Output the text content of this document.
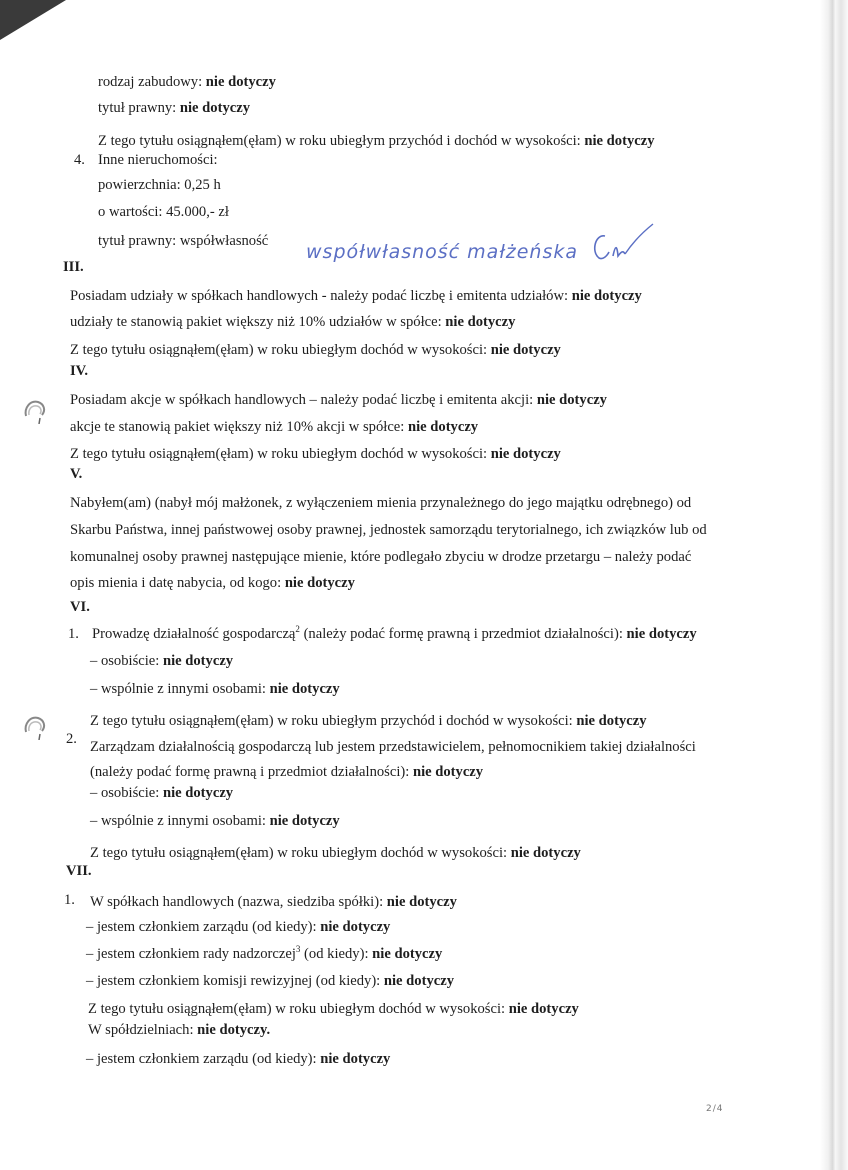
rodzaj zabudowy: nie dotyczy
tytuł prawny: nie dotyczy
Z tego tytułu osiągnąłem(ęłam) w roku ubiegłym przychód i dochód w wysokości: nie dotyczy
4. Inne nieruchomości:
powierzchnia: 0,25 h
o wartości: 45.000,- zł
tytuł prawny: współwłasność współwłasność małżeńska
III.
Posiadam udziały w spółkach handlowych - należy podać liczbę i emitenta udziałów: nie dotyczy
udziały te stanowią pakiet większy niż 10% udziałów w spółce: nie dotyczy
Z tego tytułu osiągnąłem(ęłam) w roku ubiegłym dochód w wysokości: nie dotyczy
IV.
Posiadam akcje w spółkach handlowych – należy podać liczbę i emitenta akcji: nie dotyczy
akcje te stanowią pakiet większy niż 10% akcji w spółce: nie dotyczy
Z tego tytułu osiągnąłem(ęłam) w roku ubiegłym dochód w wysokości: nie dotyczy
V.
Nabyłem(am) (nabył mój małżonek, z wyłączeniem mienia przynależnego do jego majątku odrębnego) od
Skarbu Państwa, innej państwowej osoby prawnej, jednostek samorządu terytorialnego, ich związków lub od
komunalnej osoby prawnej następujące mienie, które podlegało zbyciu w drodze przetargu – należy podać
opis mienia i datę nabycia, od kogo: nie dotyczy
VI.
1. Prowadzę działalność gospodarczą$^2$ (należy podać formę prawną i przedmiot działalności): nie dotyczy
– osobiście: nie dotyczy
– wspólnie z innymi osobami: nie dotyczy
Z tego tytułu osiągnąłem(ęłam) w roku ubiegłym przychód i dochód w wysokości: nie dotyczy
2. Zarządzam działalnością gospodarczą lub jestem przedstawicielem, pełnomocnikiem takiej działalności
(należy podać formę prawną i przedmiot działalności): nie dotyczy
– osobiście: nie dotyczy
– wspólnie z innymi osobami: nie dotyczy
Z tego tytułu osiągnąłem(ęłam) w roku ubiegłym dochód w wysokości: nie dotyczy
VII.
1. W spółkach handlowych (nazwa, siedziba spółki): nie dotyczy
– jestem członkiem zarządu (od kiedy): nie dotyczy
– jestem członkiem rady nadzorczej$^3$ (od kiedy): nie dotyczy
– jestem członkiem komisji rewizyjnej (od kiedy): nie dotyczy
Z tego tytułu osiągnąłem(ęłam) w roku ubiegłym dochód w wysokości: nie dotyczy
W spółdzielniach: nie dotyczy.
– jestem członkiem zarządu (od kiedy): nie dotyczy
2/4
